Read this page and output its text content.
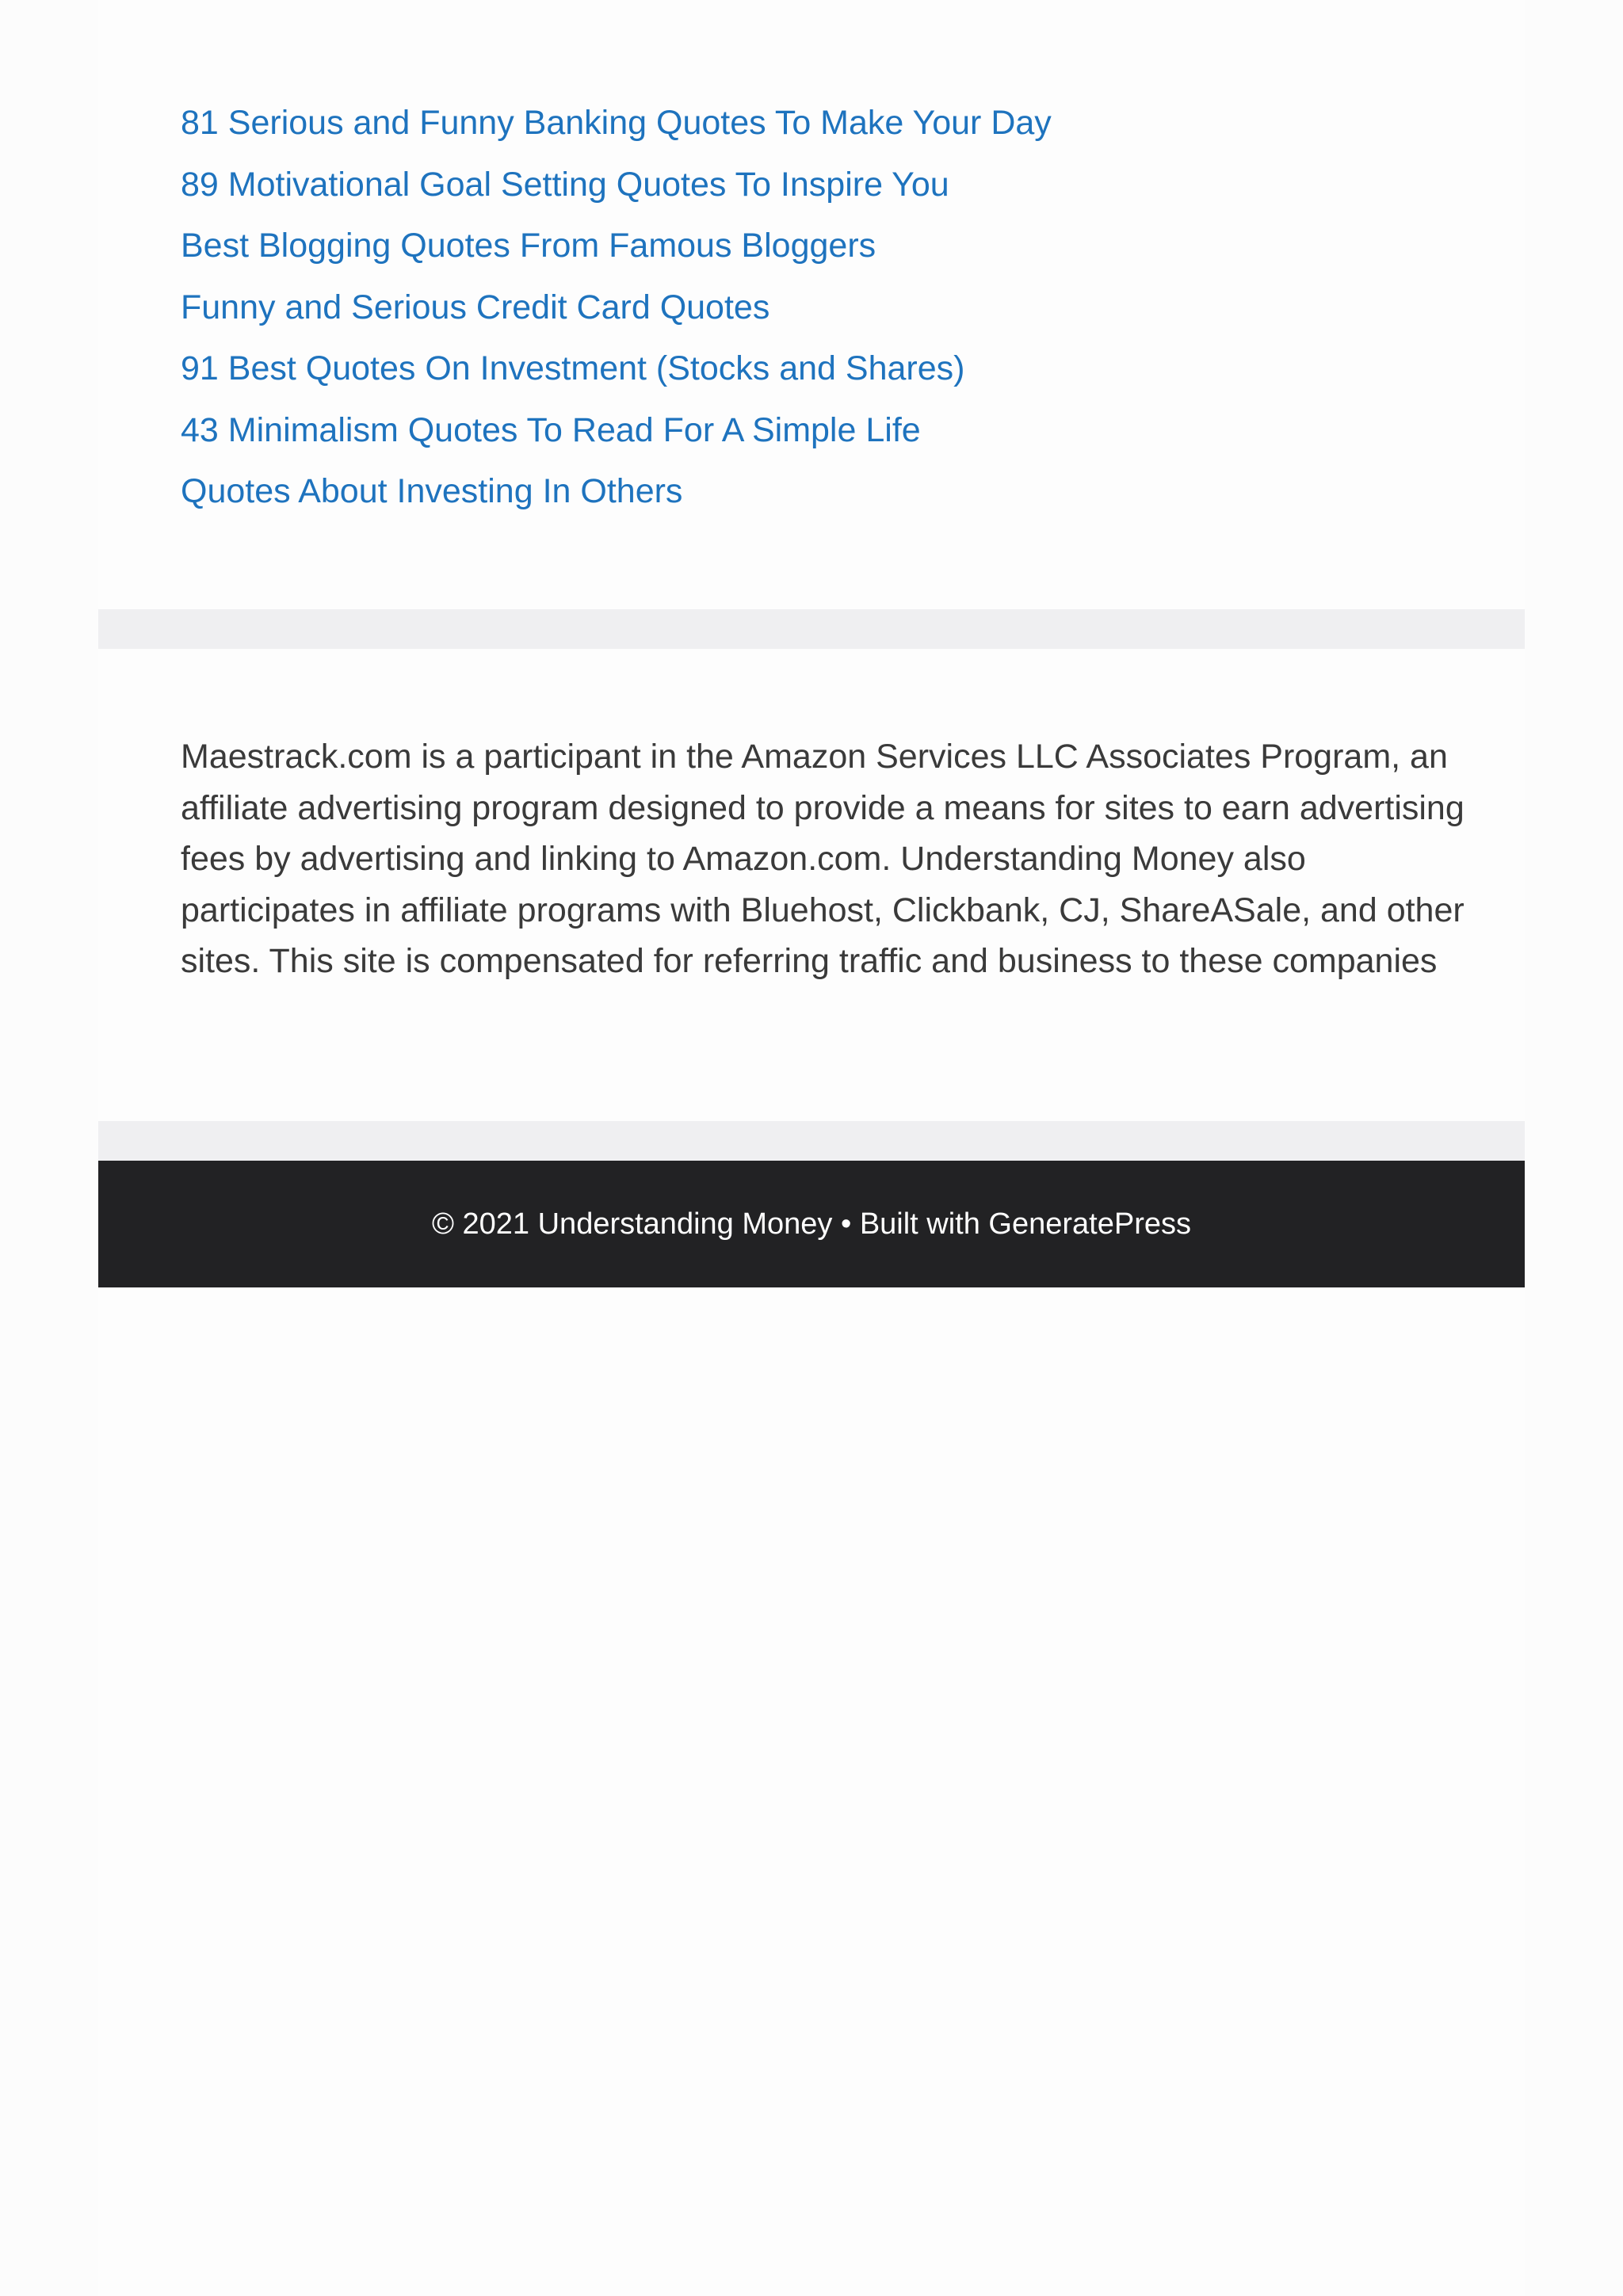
81 Serious and Funny Banking Quotes To Make Your Day
89 Motivational Goal Setting Quotes To Inspire You
Best Blogging Quotes From Famous Bloggers
Funny and Serious Credit Card Quotes
91 Best Quotes On Investment (Stocks and Shares)
43 Minimalism Quotes To Read For A Simple Life
Quotes About Investing In Others

Maestrack.com is a participant in the Amazon Services LLC Associates Program, an affiliate advertising program designed to provide a means for sites to earn advertising fees by advertising and linking to Amazon.com. Understanding Money also participates in affiliate programs with Bluehost, Clickbank, CJ, ShareASale, and other sites. This site is compensated for referring traffic and business to these companies

© 2021 Understanding Money • Built with GeneratePress
